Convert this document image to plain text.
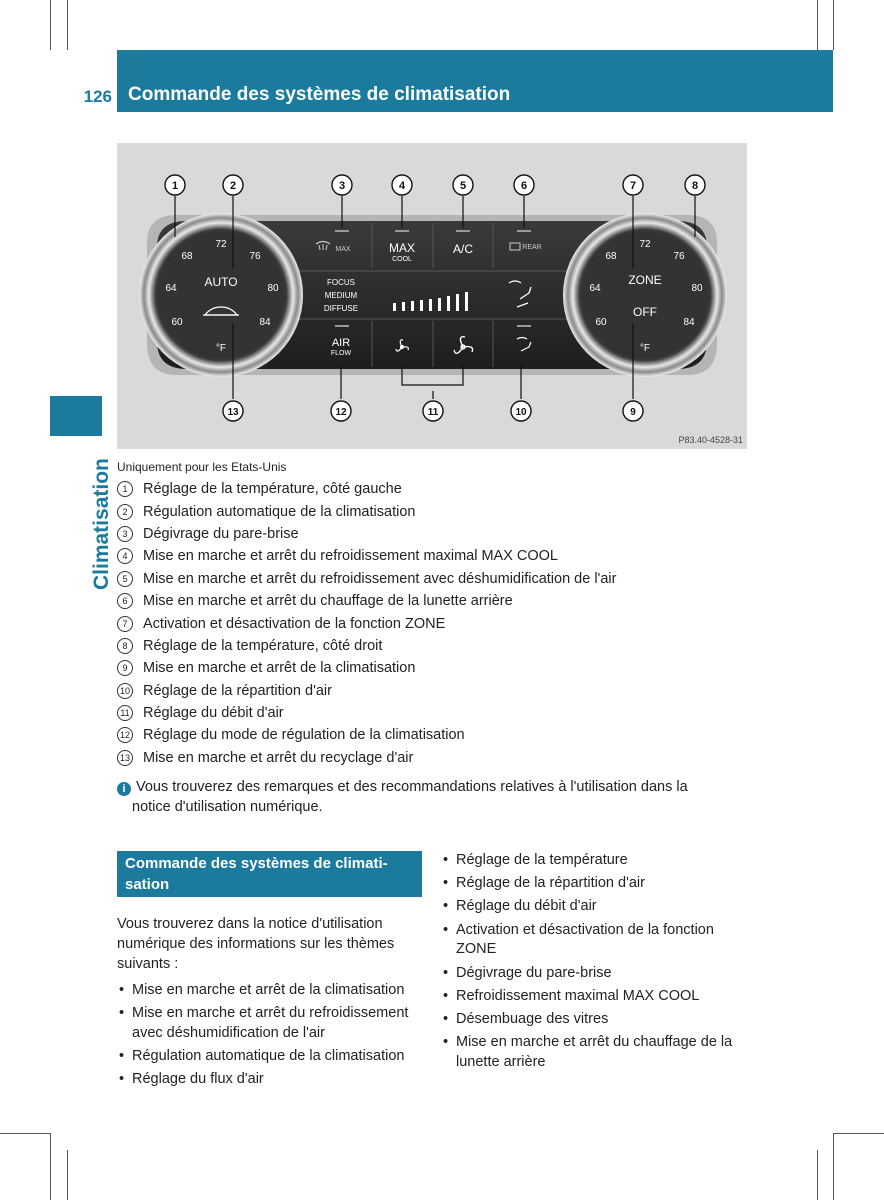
126 Commande des systèmes de climatisation
Climatisation
72
76
80
84
68
64
60
AUTO
°F
72
76
80
84
68
64
60
ZONE
OFF
°F
MAX	MAX
COOL
A/C	REAR
FOCUS
MEDIUM
DIFFUSE
AIR
FLOW
1	2	3	4	5	6	7	8
9
10
11
12
13
P83.40-4528-31
Uniquement pour les Etats-Unis
1	Réglage de la température, côté gauche
2	Régulation automatique de la climatisation
3	Dégivrage du pare-brise
4	Mise en marche et arrêt du refroidissement maximal MAX COOL
5	Mise en marche et arrêt du refroidissement avec déshumidification de l'air
6	Mise en marche et arrêt du chauffage de la lunette arrière
7	Activation et désactivation de la fonction ZONE
8	Réglage de la température, côté droit
9	Mise en marche et arrêt de la climatisation
10 Réglage de la répartition d'air
11 Réglage du débit d'air
12 Réglage du mode de régulation de la climatisation
13 Mise en marche et arrêt du recyclage d'air
i Vous trouverez des remarques et des recommandations relatives à l'utilisation dans la
notice d'utilisation numérique.
Commande des systèmes de climati-
sation
Vous trouverez dans la notice d'utilisation numérique des informations sur les thèmes suivants :
• Mise en marche et arrêt de la climatisation
• Mise en marche et arrêt du refroidissement avec déshumidification de l'air
• Régulation automatique de la climatisation
• Réglage du flux d'air
• Réglage de la température
• Réglage de la répartition d'air
• Réglage du débit d'air
• Activation et désactivation de la fonction ZONE
• Dégivrage du pare-brise
• Refroidissement maximal MAX COOL
• Désembuage des vitres
• Mise en marche et arrêt du chauffage de la lunette arrière
